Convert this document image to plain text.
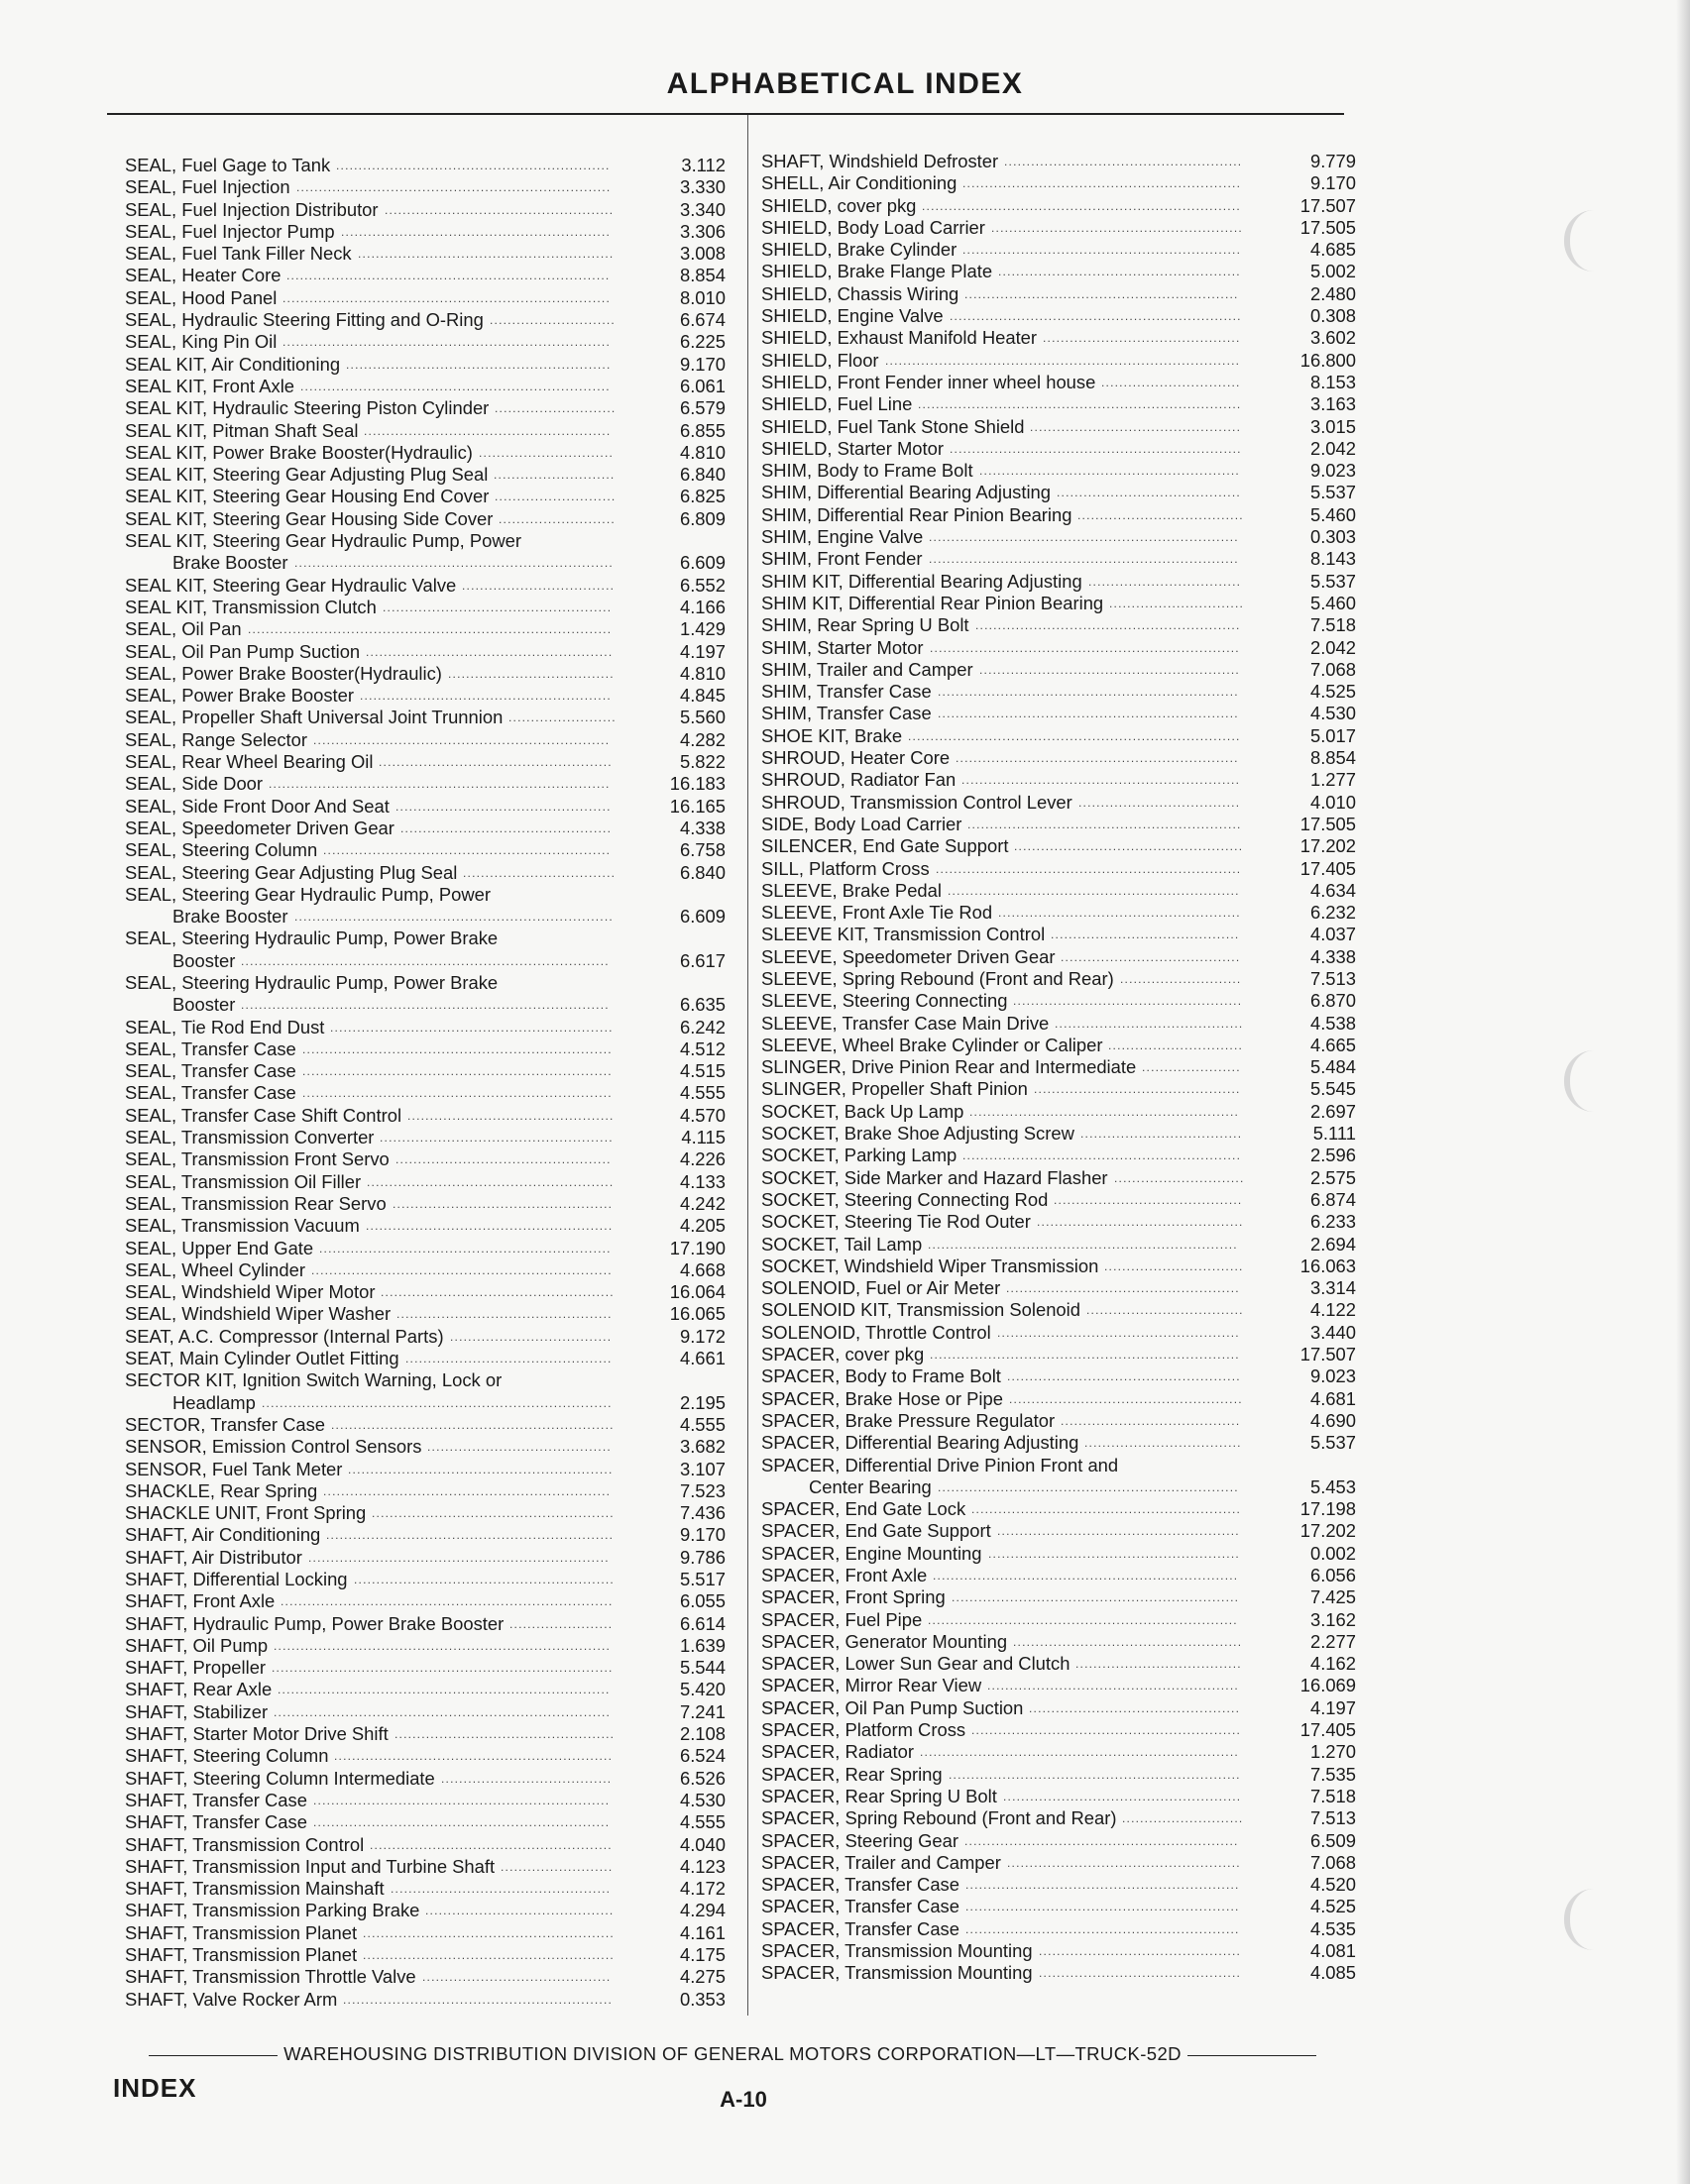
ALPHABETICAL INDEX
SEAL, Fuel Gage to Tank .............................................................	3.112
SEAL, Fuel Injection ......................................................................	3.330
SEAL, Fuel Injection Distributor ...................................................	3.340
SEAL, Fuel Injector Pump ............................................................	3.306
SEAL, Fuel Tank Filler Neck .........................................................	3.008
SEAL, Heater Core ........................................................................	8.854
SEAL, Hood Panel .........................................................................	8.010
SEAL, Hydraulic Steering Fitting and O-Ring ............................	6.674
SEAL, King Pin Oil .........................................................................	6.225
SEAL KIT, Air Conditioning ...........................................................	9.170
SEAL KIT, Front Axle .....................................................................	6.061
SEAL KIT, Hydraulic Steering Piston Cylinder ...........................	6.579
SEAL KIT, Pitman Shaft Seal .......................................................	6.855
SEAL KIT, Power Brake Booster(Hydraulic) ..............................	4.810
SEAL KIT, Steering Gear Adjusting Plug Seal ...........................	6.840
SEAL KIT, Steering Gear Housing End Cover ...........................	6.825
SEAL KIT, Steering Gear Housing Side Cover ..........................	6.809
SEAL KIT, Steering Gear Hydraulic Pump, Power
Brake Booster .......................................................................	6.609
SEAL KIT, Steering Gear Hydraulic Valve ..................................	6.552
SEAL KIT, Transmission Clutch ...................................................	4.166
SEAL, Oil Pan .................................................................................	1.429
SEAL, Oil Pan Pump Suction .......................................................	4.197
SEAL, Power Brake Booster(Hydraulic) .....................................	4.810
SEAL, Power Brake Booster ........................................................	4.845
SEAL, Propeller Shaft Universal Joint Trunnion ........................	5.560
SEAL, Range Selector ..................................................................	4.282
SEAL, Rear Wheel Bearing Oil ....................................................	5.822
SEAL, Side Door ............................................................................	16.183
SEAL, Side Front Door And Seat ................................................	16.165
SEAL, Speedometer Driven Gear ...............................................	4.338
SEAL, Steering Column ................................................................	6.758
SEAL, Steering Gear Adjusting Plug Seal ..................................	6.840
SEAL, Steering Gear Hydraulic Pump, Power
Brake Booster .......................................................................	6.609
SEAL, Steering Hydraulic Pump, Power Brake
Booster ..................................................................................	6.617
SEAL, Steering Hydraulic Pump, Power Brake
Booster ..................................................................................	6.635
SEAL, Tie Rod End Dust ...............................................................	6.242
SEAL, Transfer Case .....................................................................	4.512
SEAL, Transfer Case .....................................................................	4.515
SEAL, Transfer Case .....................................................................	4.555
SEAL, Transfer Case Shift Control ..............................................	4.570
SEAL, Transmission Converter ....................................................	4.115
SEAL, Transmission Front Servo ................................................	4.226
SEAL, Transmission Oil Filler .......................................................	4.133
SEAL, Transmission Rear Servo .................................................	4.242
SEAL, Transmission Vacuum .......................................................	4.205
SEAL, Upper End Gate .................................................................	17.190
SEAL, Wheel Cylinder ...................................................................	4.668
SEAL, Windshield Wiper Motor ....................................................	16.064
SEAL, Windshield Wiper Washer ................................................	16.065
SEAT, A.C. Compressor (Internal Parts) ....................................	9.172
SEAT, Main Cylinder Outlet Fitting ..............................................	4.661
SECTOR KIT, Ignition Switch Warning, Lock or
Headlamp ..............................................................................	2.195
SECTOR, Transfer Case ...............................................................	4.555
SENSOR, Emission Control Sensors .........................................	3.682
SENSOR, Fuel Tank Meter ...........................................................	3.107
SHACKLE, Rear Spring ................................................................	7.523
SHACKLE UNIT, Front Spring ......................................................	7.436
SHAFT, Air Conditioning ................................................................	9.170
SHAFT, Air Distributor ...................................................................	9.786
SHAFT, Differential Locking ..........................................................	5.517
SHAFT, Front Axle ..........................................................................	6.055
SHAFT, Hydraulic Pump, Power Brake Booster .......................	6.614
SHAFT, Oil Pump ...........................................................................	1.639
SHAFT, Propeller ............................................................................	5.544
SHAFT, Rear Axle ..........................................................................	5.420
SHAFT, Stabilizer ...........................................................................	7.241
SHAFT, Starter Motor Drive Shift .................................................	2.108
SHAFT, Steering Column ..............................................................	6.524
SHAFT, Steering Column Intermediate ......................................	6.526
SHAFT, Transfer Case ..................................................................	4.530
SHAFT, Transfer Case ..................................................................	4.555
SHAFT, Transmission Control ......................................................	4.040
SHAFT, Transmission Input and Turbine Shaft .........................	4.123
SHAFT, Transmission Mainshaft .................................................	4.172
SHAFT, Transmission Parking Brake ..........................................	4.294
SHAFT, Transmission Planet ........................................................	4.161
SHAFT, Transmission Planet ........................................................	4.175
SHAFT, Transmission Throttle Valve ..........................................	4.275
SHAFT, Valve Rocker Arm ............................................................	0.353
SHAFT, Windshield Defroster .....................................................	9.779
SHELL, Air Conditioning ..............................................................	9.170
SHIELD, cover pkg .......................................................................	17.507
SHIELD, Body Load Carrier ........................................................	17.505
SHIELD, Brake Cylinder ..............................................................	4.685
SHIELD, Brake Flange Plate ......................................................	5.002
SHIELD, Chassis Wiring .............................................................	2.480
SHIELD, Engine Valve .................................................................	0.308
SHIELD, Exhaust Manifold Heater ............................................	3.602
SHIELD, Floor ...............................................................................	16.800
SHIELD, Front Fender inner wheel house ...............................	8.153
SHIELD, Fuel Line ........................................................................	3.163
SHIELD, Fuel Tank Stone Shield ...............................................	3.015
SHIELD, Starter Motor .................................................................	2.042
SHIM, Body to Frame Bolt ..........................................................	9.023
SHIM, Differential Bearing Adjusting .........................................	5.537
SHIM, Differential Rear Pinion Bearing .....................................	5.460
SHIM, Engine Valve .....................................................................	0.303
SHIM, Front Fender .....................................................................	8.143
SHIM KIT, Differential Bearing Adjusting ..................................	5.537
SHIM KIT, Differential Rear Pinion Bearing ..............................	5.460
SHIM, Rear Spring U Bolt ...........................................................	7.518
SHIM, Starter Motor .....................................................................	2.042
SHIM, Trailer and Camper ..........................................................	7.068
SHIM, Transfer Case ...................................................................	4.525
SHIM, Transfer Case ...................................................................	4.530
SHOE KIT, Brake ..........................................................................	5.017
SHROUD, Heater Core ...............................................................	8.854
SHROUD, Radiator Fan ..............................................................	1.277
SHROUD, Transmission Control Lever ....................................	4.010
SIDE, Body Load Carrier .............................................................	17.505
SILENCER, End Gate Support ...................................................	17.202
SILL, Platform Cross ....................................................................	17.405
SLEEVE, Brake Pedal .................................................................	4.634
SLEEVE, Front Axle Tie Rod ......................................................	6.232
SLEEVE KIT, Transmission Control ..........................................	4.037
SLEEVE, Speedometer Driven Gear ........................................	4.338
SLEEVE, Spring Rebound (Front and Rear) ...........................	7.513
SLEEVE, Steering Connecting ...................................................	6.870
SLEEVE, Transfer Case Main Drive ..........................................	4.538
SLEEVE, Wheel Brake Cylinder or Caliper ..............................	4.665
SLINGER, Drive Pinion Rear and Intermediate ......................	5.484
SLINGER, Propeller Shaft Pinion ..............................................	5.545
SOCKET, Back Up Lamp ............................................................	2.697
SOCKET, Brake Shoe Adjusting Screw ....................................	5.111
SOCKET, Parking Lamp ..............................................................	2.596
SOCKET, Side Marker and Hazard Flasher .............................	2.575
SOCKET, Steering Connecting Rod ..........................................	6.874
SOCKET, Steering Tie Rod Outer ..............................................	6.233
SOCKET, Tail Lamp .....................................................................	2.694
SOCKET, Windshield Wiper Transmission ...............................	16.063
SOLENOID, Fuel or Air Meter ....................................................	3.314
SOLENOID KIT, Transmission Solenoid ...................................	4.122
SOLENOID, Throttle Control ......................................................	3.440
SPACER, cover pkg .....................................................................	17.507
SPACER, Body to Frame Bolt ....................................................	9.023
SPACER, Brake Hose or Pipe ....................................................	4.681
SPACER, Brake Pressure Regulator ........................................	4.690
SPACER, Differential Bearing Adjusting ...................................	5.537
SPACER, Differential Drive Pinion Front and
Center Bearing ...................................................................	5.453
SPACER, End Gate Lock ............................................................	17.198
SPACER, End Gate Support ......................................................	17.202
SPACER, Engine Mounting ........................................................	0.002
SPACER, Front Axle ....................................................................	6.056
SPACER, Front Spring ................................................................	7.425
SPACER, Fuel Pipe .....................................................................	3.162
SPACER, Generator Mounting ...................................................	2.277
SPACER, Lower Sun Gear and Clutch .....................................	4.162
SPACER, Mirror Rear View ........................................................	16.069
SPACER, Oil Pan Pump Suction ...............................................	4.197
SPACER, Platform Cross ............................................................	17.405
SPACER, Radiator .......................................................................	1.270
SPACER, Rear Spring .................................................................	7.535
SPACER, Rear Spring U Bolt .....................................................	7.518
SPACER, Spring Rebound (Front and Rear) ...........................	7.513
SPACER, Steering Gear .............................................................	6.509
SPACER, Trailer and Camper ....................................................	7.068
SPACER, Transfer Case .............................................................	4.520
SPACER, Transfer Case .............................................................	4.525
SPACER, Transfer Case .............................................................	4.535
SPACER, Transmission Mounting .............................................	4.081
SPACER, Transmission Mounting .............................................	4.085
WAREHOUSING DISTRIBUTION DIVISION OF GENERAL MOTORS CORPORATION—LT—TRUCK-52D
INDEX	A-10
